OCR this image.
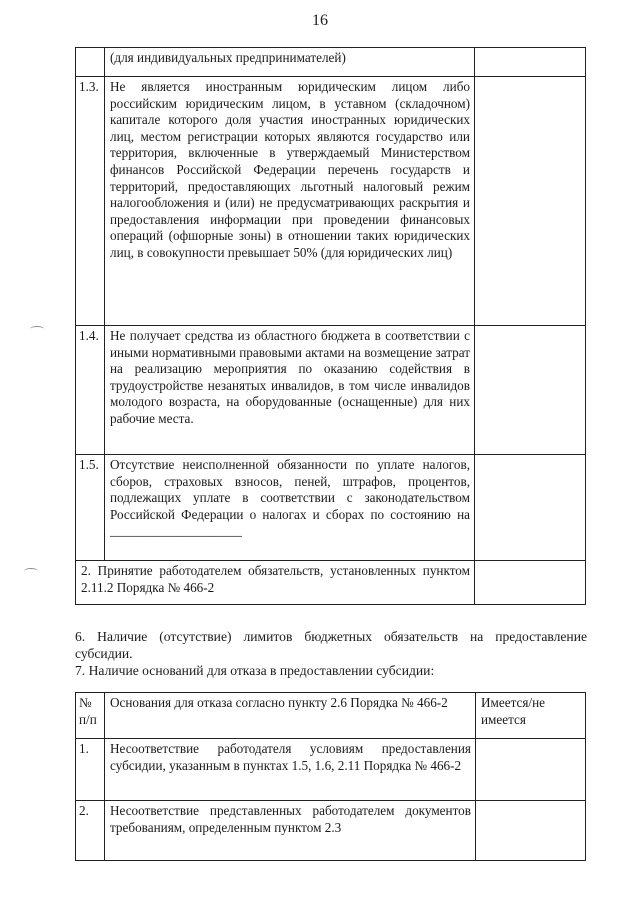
16
	(для индивидуальных предпринимателей)	
1.3.	Не является иностранным юридическим лицом либо российским юридическим лицом, в уставном (складочном) капитале которого доля участия иностранных юридических лиц, местом регистрации которых являются государство или территория, включенные в утверждаемый Министерством финансов Российской Федерации перечень государств и территорий, предоставляющих льготный налоговый режим налогообложения и (или) не предусматривающих раскрытия и предоставления информации при проведении финансовых операций (офшорные зоны) в отношении таких юридических лиц, в совокупности превышает 50% (для юридических лиц)	
1.4.	Не получает средства из областного бюджета в соответствии с иными нормативными правовыми актами на возмещение затрат на реализацию мероприятия по оказанию содействия в трудоустройстве незанятых инвалидов, в том числе инвалидов молодого возраста, на оборудованные (оснащенные) для них рабочие места.	
1.5.	Отсутствие неисполненной обязанности по уплате налогов, сборов, страховых взносов, пеней, штрафов, процентов, подлежащих уплате в соответствии с законодательством Российской Федерации о налогах и сборах по состоянию на ____________________	
2. Принятие работодателем обязательств, установленных пунктом 2.11.2 Порядка № 466-2		
6. Наличие (отсутствие) лимитов бюджетных обязательств на предоставление субсидии.
7. Наличие оснований для отказа в предоставлении субсидии:
№ п/п	Основания для отказа согласно пункту 2.6 Порядка № 466-2	Имеется/не имеется
1.	Несоответствие работодателя условиям предоставления субсидии, указанным в пунктах 1.5, 1.6, 2.11 Порядка № 466-2	
2.	Несоответствие представленных работодателем документов требованиям, определенным пунктом 2.3	
